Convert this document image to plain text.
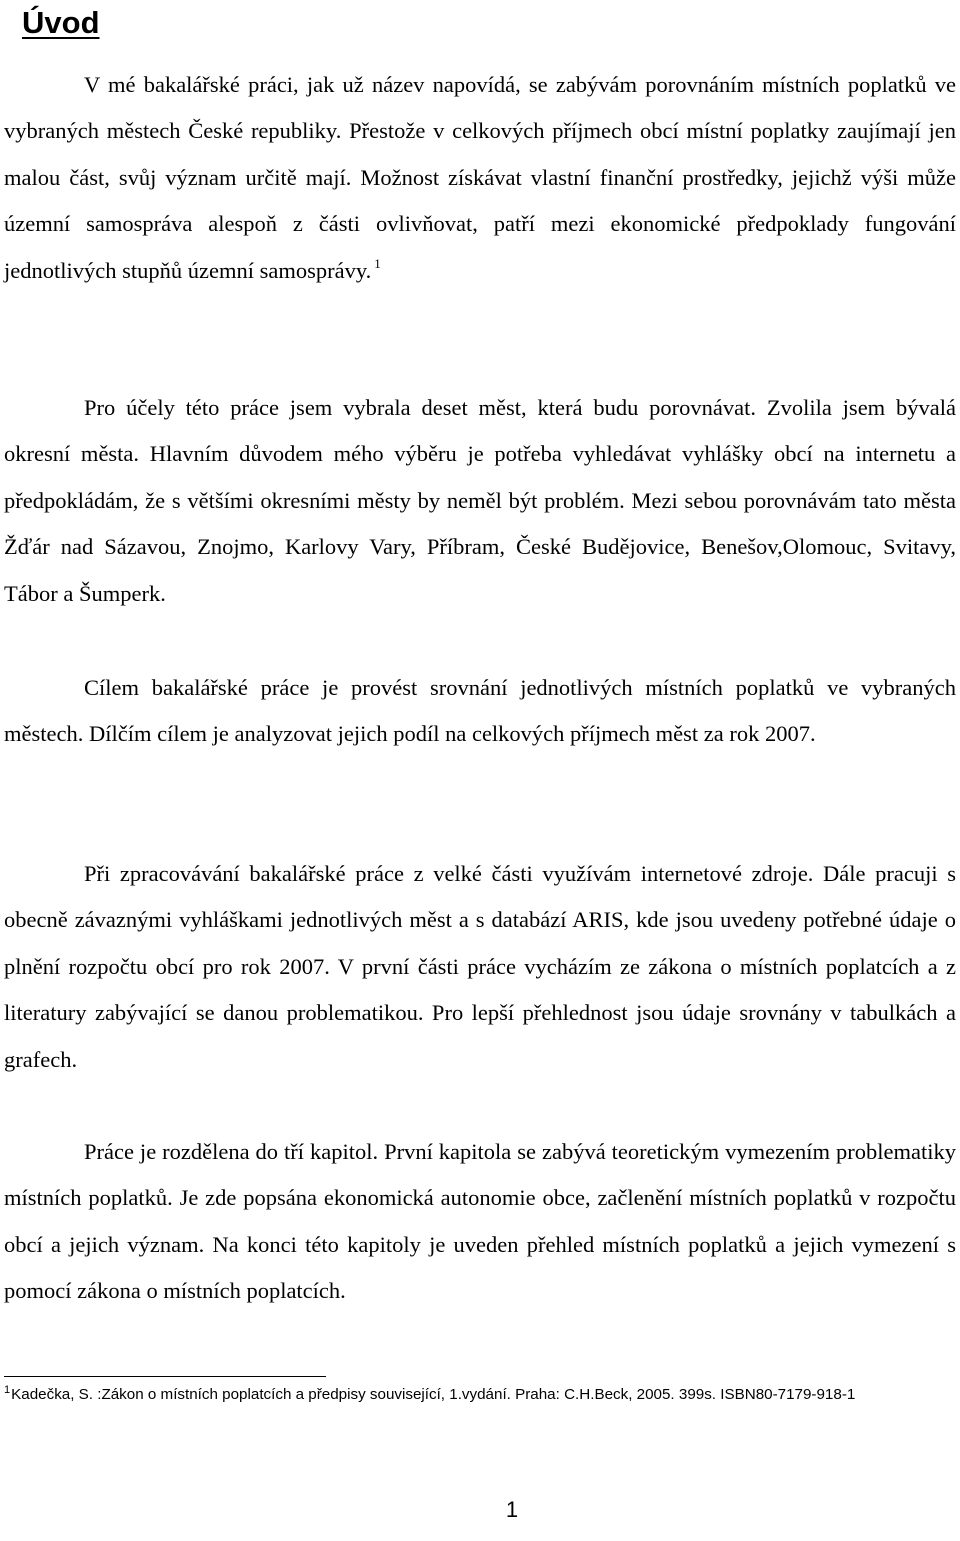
Úvod

V mé bakalářské práci, jak už název napovídá, se zabývám porovnáním místních poplatků ve vybraných městech České republiky. Přestože v celkových příjmech obcí místní poplatky zaujímají jen malou část, svůj význam určitě mají. Možnost získávat vlastní finanční prostředky, jejichž výši může územní samospráva alespoň z části ovlivňovat, patří mezi ekonomické předpoklady fungování jednotlivých stupňů územní samosprávy. $^1$

Pro účely této práce jsem vybrala deset měst, která budu porovnávat. Zvolila jsem bývalá okresní města. Hlavním důvodem mého výběru je potřeba vyhledávat vyhlášky obcí na internetu a předpokládám, že s většími okresními městy by neměl být problém. Mezi sebou porovnávám tato města Žďár nad Sázavou, Znojmo, Karlovy Vary, Příbram, České Budějovice, Benešov,Olomouc, Svitavy, Tábor a Šumperk.

Cílem bakalářské práce je provést srovnání jednotlivých místních poplatků ve vybraných městech. Dílčím cílem je analyzovat jejich podíl na celkových příjmech měst za rok 2007.

Při zpracovávání bakalářské práce z velké části využívám internetové zdroje. Dále pracuji s obecně závaznými vyhláškami jednotlivých měst a s databází ARIS, kde jsou uvedeny potřebné údaje o plnění rozpočtu obcí pro rok 2007. V první části práce vycházím ze zákona o místních poplatcích a z literatury zabývající se danou problematikou. Pro lepší přehlednost jsou údaje srovnány v tabulkách a grafech.

Práce je rozdělena do tří kapitol. První kapitola se zabývá teoretickým vymezením problematiky místních poplatků. Je zde popsána ekonomická autonomie obce, začlenění místních poplatků v rozpočtu obcí a jejich význam. Na konci této kapitoly je uveden přehled místních poplatků a jejich vymezení s pomocí zákona o místních poplatcích.

$^1$Kadečka, S. :Zákon o místních poplatcích a předpisy související, 1.vydání. Praha: C.H.Beck, 2005. 399s. ISBN80-7179-918-1

1
